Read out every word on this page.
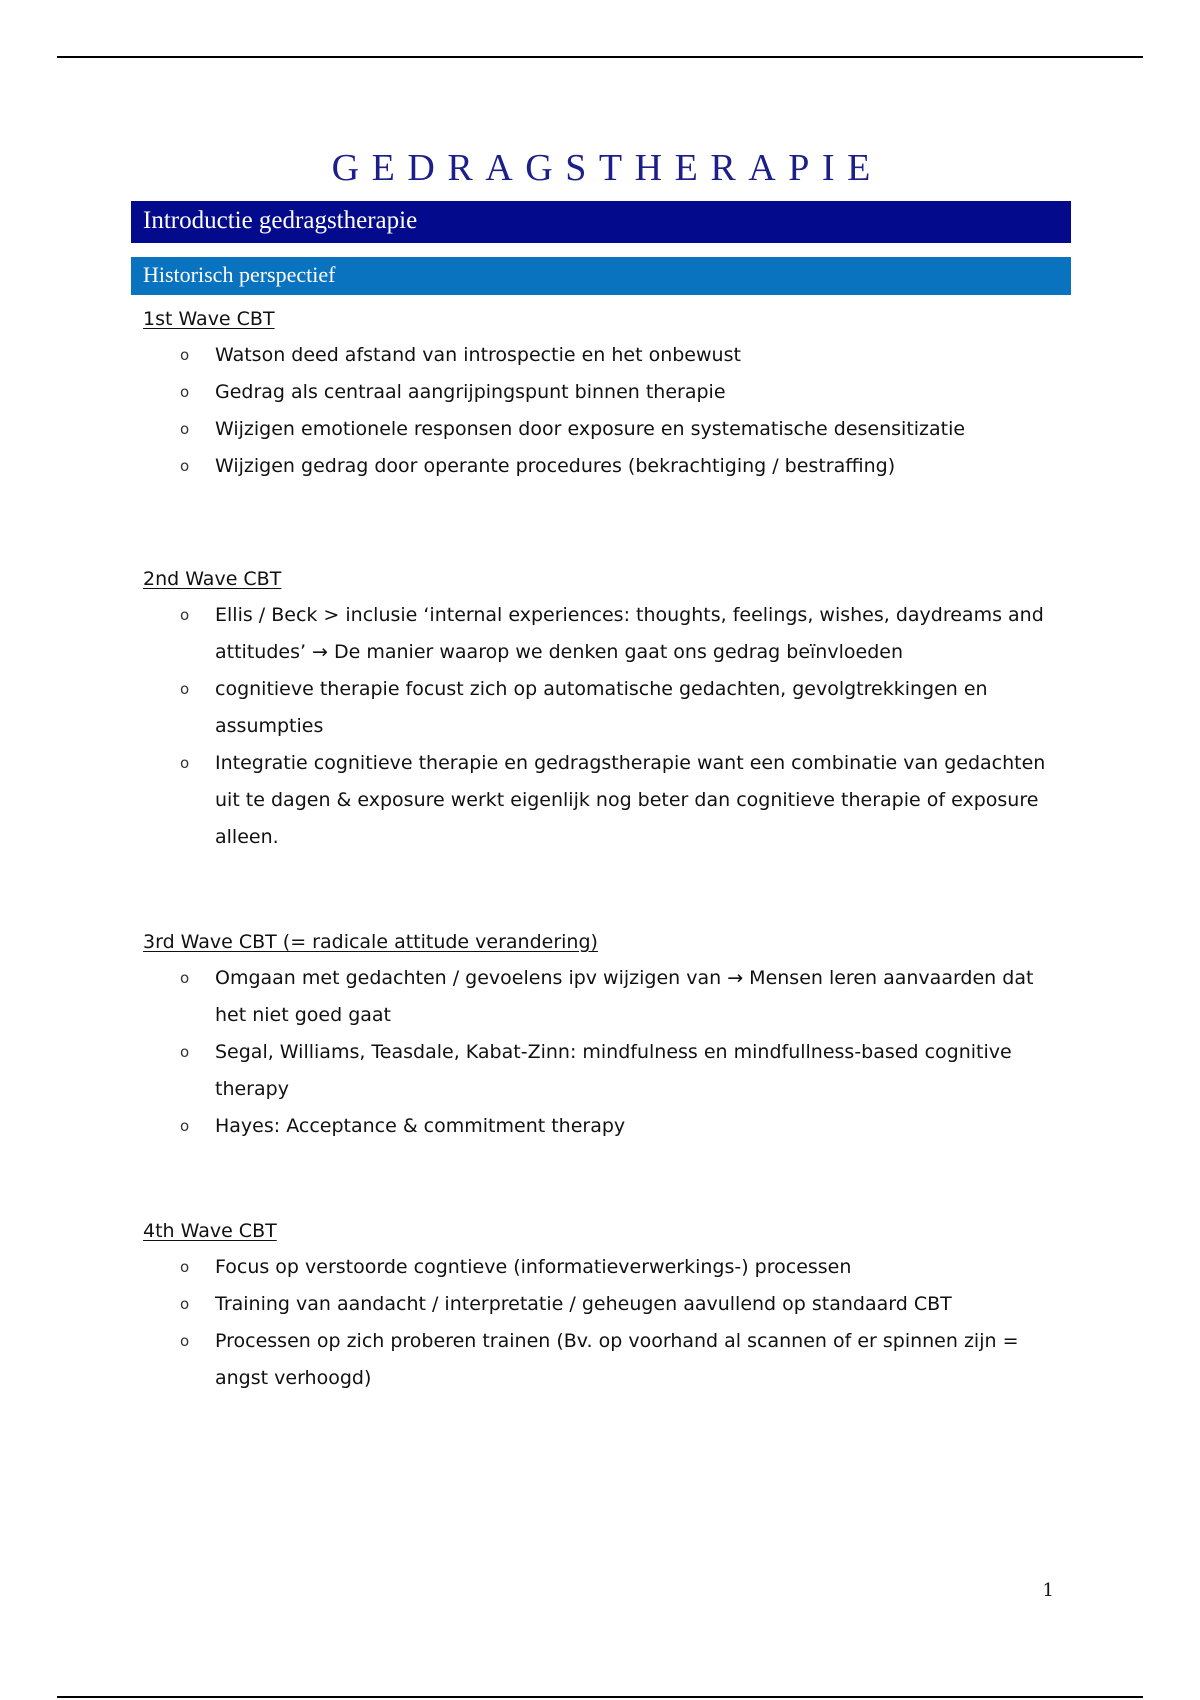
GEDRAGSTHERAPIE
Introductie gedragstherapie
Historisch perspectief
1st Wave CBT
o Watson deed afstand van introspectie en het onbewust
o Gedrag als centraal aangrijpingspunt binnen therapie
o Wijzigen emotionele responsen door exposure en systematische desensitizatie
o Wijzigen gedrag door operante procedures (bekrachtiging / bestraffing)
2nd Wave CBT
o Ellis / Beck > inclusie ‘internal experiences: thoughts, feelings, wishes, daydreams and attitudes’ → De manier waarop we denken gaat ons gedrag beïnvloeden
o cognitieve therapie focust zich op automatische gedachten, gevolgtrekkingen en assumpties
o Integratie cognitieve therapie en gedragstherapie want een combinatie van gedachten uit te dagen & exposure werkt eigenlijk nog beter dan cognitieve therapie of exposure alleen.
3rd Wave CBT (= radicale attitude verandering)
o Omgaan met gedachten / gevoelens ipv wijzigen van → Mensen leren aanvaarden dat het niet goed gaat
o Segal, Williams, Teasdale, Kabat-Zinn: mindfulness en mindfullness-based cognitive therapy
o Hayes: Acceptance & commitment therapy
4th Wave CBT
o Focus op verstoorde cogntieve (informatieverwerkings-) processen
o Training van aandacht / interpretatie / geheugen aavullend op standaard CBT
o Processen op zich proberen trainen (Bv. op voorhand al scannen of er spinnen zijn = angst verhoogd)
1
